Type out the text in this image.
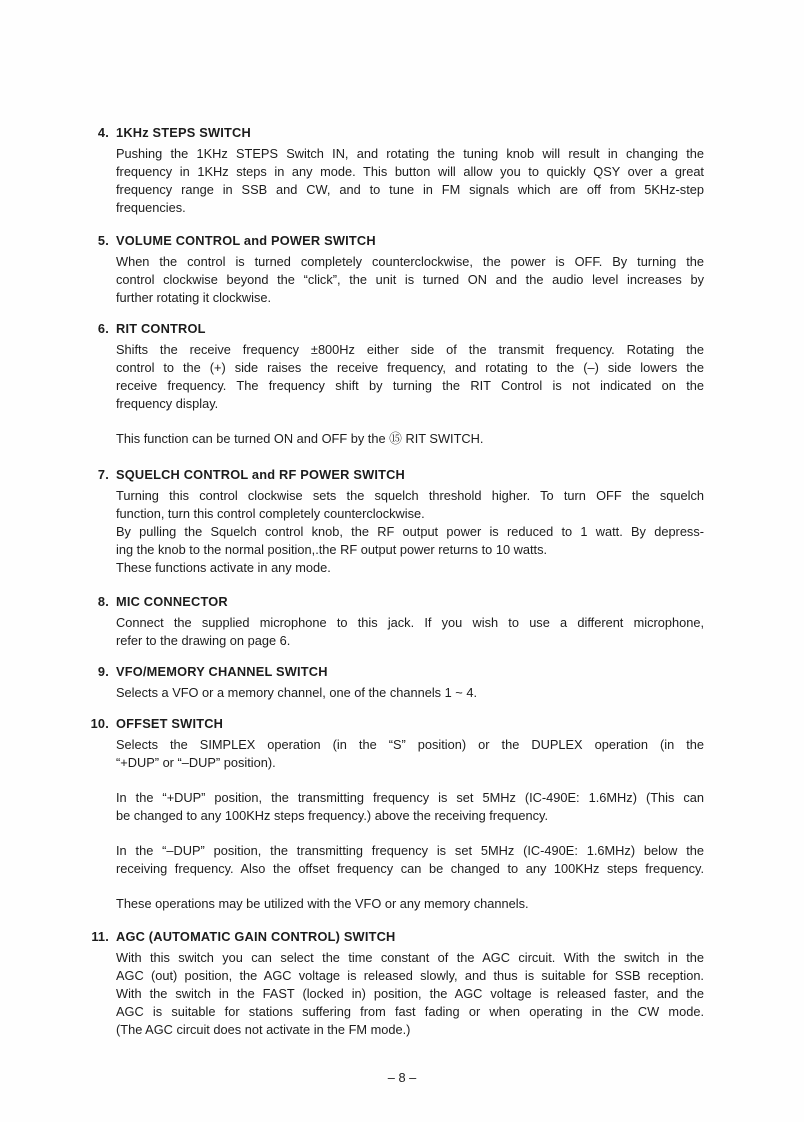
4. 1KHz STEPS SWITCH
Pushing the 1KHz STEPS Switch IN, and rotating the tuning knob will result in changing the
frequency in 1KHz steps in any mode. This button will allow you to quickly QSY over a great
frequency range in SSB and CW, and to tune in FM signals which are off from 5KHz-step
frequencies.
5. VOLUME CONTROL and POWER SWITCH
When the control is turned completely counterclockwise, the power is OFF. By turning the
control clockwise beyond the “click”, the unit is turned ON and the audio level increases by
further rotating it clockwise.
6. RIT CONTROL
Shifts the receive frequency ±800Hz either side of the transmit frequency. Rotating the
control to the (+) side raises the receive frequency, and rotating to the (–) side lowers the
receive frequency. The frequency shift by turning the RIT Control is not indicated on the
frequency display.
This function can be turned ON and OFF by the ⑮ RIT SWITCH.
7. SQUELCH CONTROL and RF POWER SWITCH
Turning this control clockwise sets the squelch threshold higher. To turn OFF the squelch
function, turn this control completely counterclockwise.
By pulling the Squelch control knob, the RF output power is reduced to 1 watt. By depress-
ing the knob to the normal position,.the RF output power returns to 10 watts.
These functions activate in any mode.
8. MIC CONNECTOR
Connect the supplied microphone to this jack. If you wish to use a different microphone,
refer to the drawing on page 6.
9. VFO/MEMORY CHANNEL SWITCH
Selects a VFO or a memory channel, one of the channels 1 ~ 4.
10. OFFSET SWITCH
Selects the SIMPLEX operation (in the “S” position) or the DUPLEX operation (in the
“+DUP” or “–DUP” position).
In the “+DUP” position, the transmitting frequency is set 5MHz (IC-490E: 1.6MHz) (This can
be changed to any 100KHz steps frequency.) above the receiving frequency.
In the “–DUP” position, the transmitting frequency is set 5MHz (IC-490E: 1.6MHz) below the
receiving frequency. Also the offset frequency can be changed to any 100KHz steps frequency.
These operations may be utilized with the VFO or any memory channels.
11. AGC (AUTOMATIC GAIN CONTROL) SWITCH
With this switch you can select the time constant of the AGC circuit. With the switch in the
AGC (out) position, the AGC voltage is released slowly, and thus is suitable for SSB reception.
With the switch in the FAST (locked in) position, the AGC voltage is released faster, and the
AGC is suitable for stations suffering from fast fading or when operating in the CW mode.
(The AGC circuit does not activate in the FM mode.)
– 8 –
